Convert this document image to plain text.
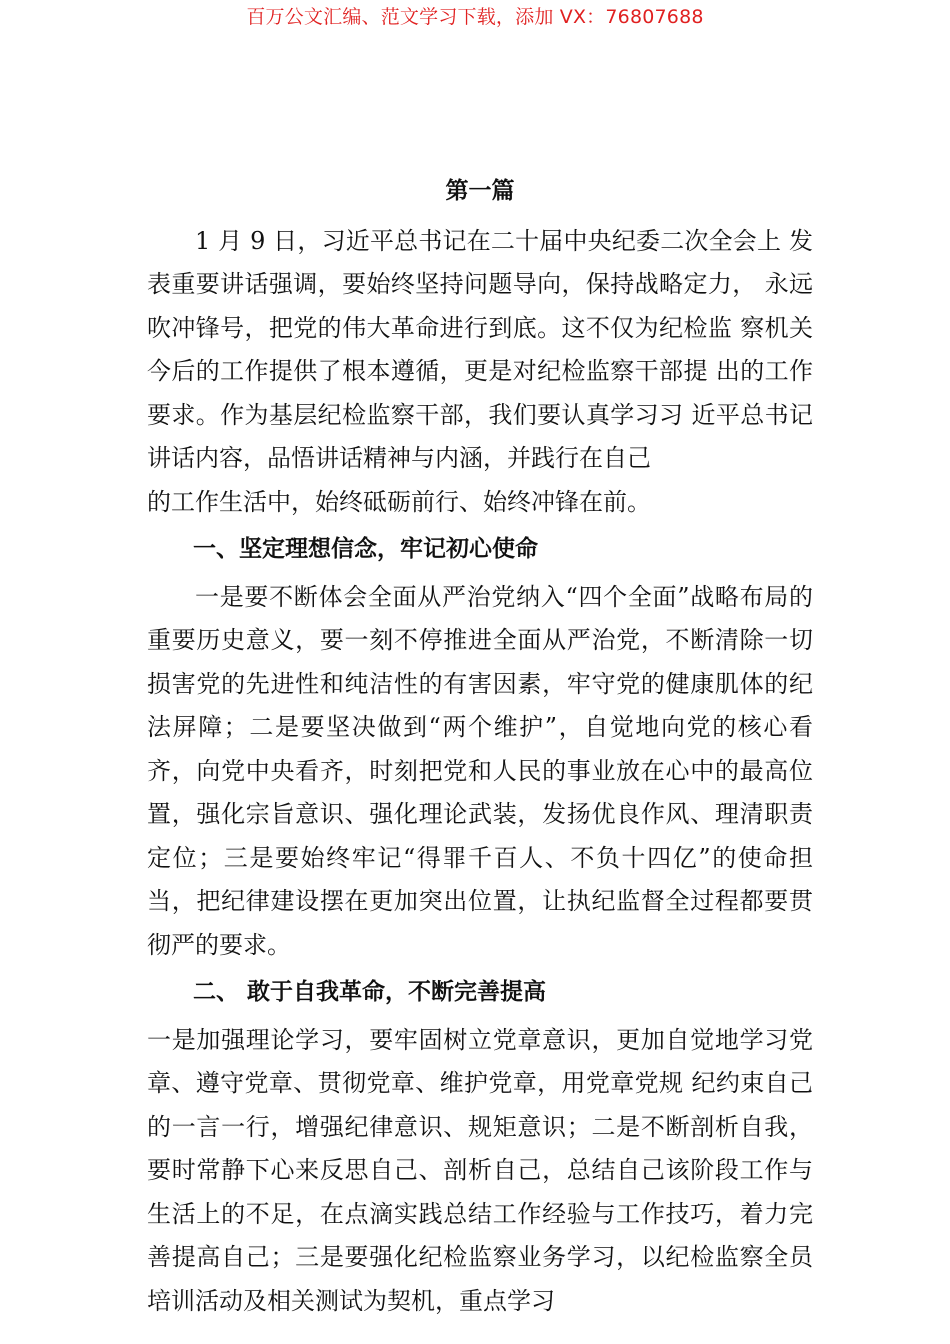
百万公文汇编、范文学习下载，添加 VX：76807688
第一篇

1 月 9 日，习近平总书记在二十届中央纪委二次全会上 发表重要讲话强调，要始终坚持问题导向，保持战略定力， 永远吹冲锋号，把党的伟大革命进行到底。这不仅为纪检监 察机关今后的工作提供了根本遵循，更是对纪检监察干部提 出的工作要求。作为基层纪检监察干部，我们要认真学习习 近平总书记讲话内容，品悟讲话精神与内涵，并践行在自己

的工作生活中，始终砥砺前行、始终冲锋在前。

一、坚定理想信念，牢记初心使命

一是要不断体会全面从严治党纳入“四个全面”战略布局的重要历史意义，要一刻不停推进全面从严治党，不断清除一切损害党的先进性和纯洁性的有害因素，牢守党的健康肌体的纪法屏障；二是要坚决做到“两个维护”，自觉地向党的核心看齐，向党中央看齐，时刻把党和人民的事业放在心中的最高位置，强化宗旨意识、强化理论武装，发扬优良作风、理清职责定位；三是要始终牢记“得罪千百人、不负十四亿”的使命担当，把纪律建设摆在更加突出位置，让执纪监督全过程都要贯彻严的要求。

二、 敢于自我革命，不断完善提高

一是加强理论学习，要牢固树立党章意识，更加自觉地学习党章、遵守党章、贯彻党章、维护党章，用党章党规 纪约束自己的一言一行，增强纪律意识、规矩意识；二是不断剖析自我，要时常静下心来反思自己、剖析自己，总结自己该阶段工作与生活上的不足，在点滴实践总结工作经验与工作技巧，着力完善提高自己；三是要强化纪检监察业务学习，以纪检监察全员培训活动及相关测试为契机，重点学习
